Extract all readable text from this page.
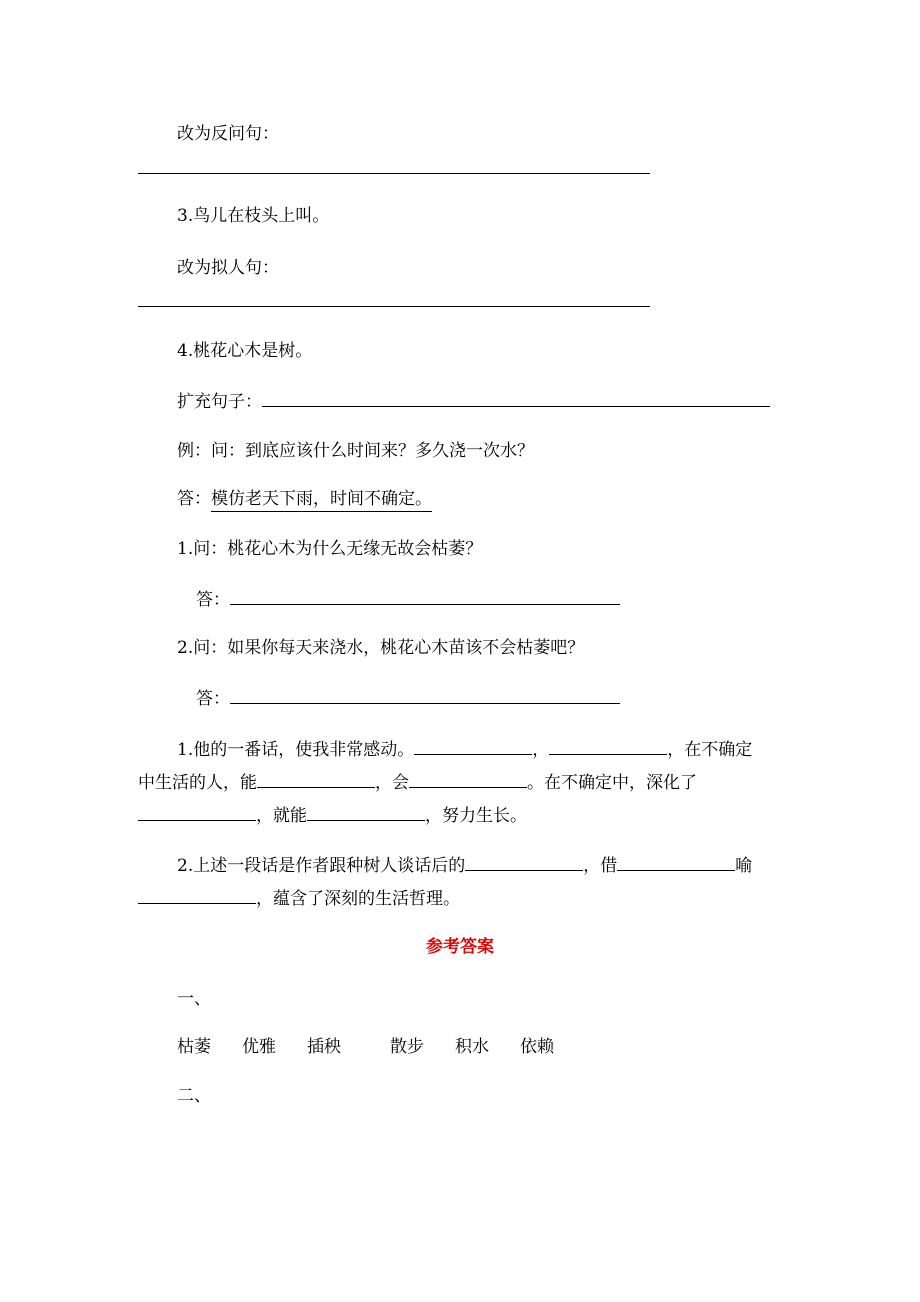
改为反问句：
3.鸟儿在枝头上叫。
改为拟人句：
4.桃花心木是树。
扩充句子：
例：问：到底应该什么时间来？多久浇一次水？
答：模仿老天下雨，时间不确定。
1.问：桃花心木为什么无缘无故会枯萎？
答：
2.问：如果你每天来浇水，桃花心木苗该不会枯萎吧？
答：
1.他的一番话，使我非常感动。	，	，在不确定
中生活的人，能	，会	。在不确定中，深化了
，就能	，努力生长。
2.上述一段话是作者跟种树人谈话后的	，借	喻
，蕴含了深刻的生活哲理。
参考答案
一、
枯萎 优雅 插秧	散步 积水 依赖
二、
